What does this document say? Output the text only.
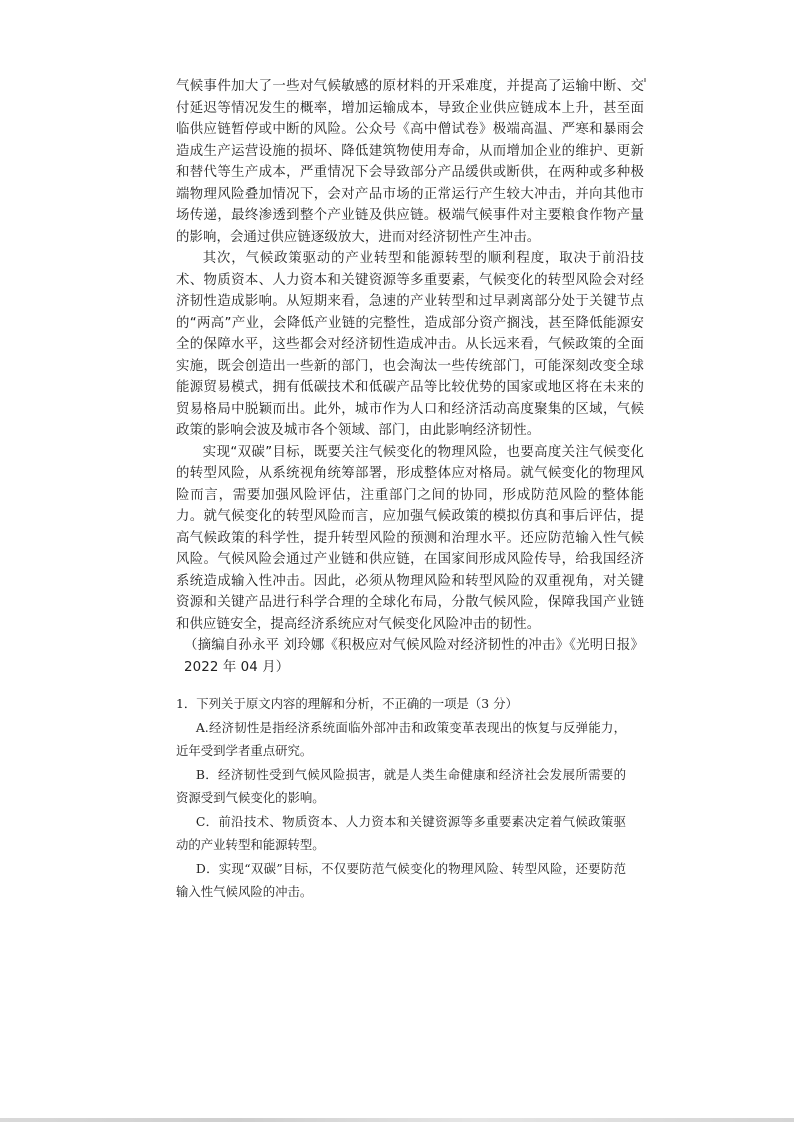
气候事件加大了一些对气候敏感的原材料的开采难度，并提高了运输中断、交付延迟等情况发生的概率，增加运输成本，导致企业供应链成本上升，甚至面临供应链暂停或中断的风险。公众号《高中僧试卷》极端高温、严寒和暴雨会造成生产运营设施的损坏、降低建筑物使用寿命，从而增加企业的维护、更新和替代等生产成本，严重情况下会导致部分产品缓供或断供，在两种或多种极端物理风险叠加情况下，会对产品市场的正常运行产生较大冲击，并向其他市场传递，最终渗透到整个产业链及供应链。极端气候事件对主要粮食作物产量的影响，会通过供应链逐级放大，进而对经济韧性产生冲击。

其次，气候政策驱动的产业转型和能源转型的顺利程度，取决于前沿技术、物质资本、人力资本和关键资源等多重要素，气候变化的转型风险会对经济韧性造成影响。从短期来看，急速的产业转型和过早剥离部分处于关键节点的“两高”产业，会降低产业链的完整性，造成部分资产搁浅，甚至降低能源安全的保障水平，这些都会对经济韧性造成冲击。从长远来看，气候政策的全面实施，既会创造出一些新的部门，也会淘汰一些传统部门，可能深刻改变全球能源贸易模式，拥有低碳技术和低碳产品等比较优势的国家或地区将在未来的贸易格局中脱颖而出。此外，城市作为人口和经济活动高度聚集的区域，气候政策的影响会波及城市各个领域、部门，由此影响经济韧性。

实现“双碳”目标，既要关注气候变化的物理风险，也要高度关注气候变化的转型风险，从系统视角统筹部署，形成整体应对格局。就气候变化的物理风险而言，需要加强风险评估，注重部门之间的协同，形成防范风险的整体能力。就气候变化的转型风险而言，应加强气候政策的模拟仿真和事后评估，提高气候政策的科学性，提升转型风险的预测和治理水平。还应防范输入性气候风险。气候风险会通过产业链和供应链，在国家间形成风险传导，给我国经济系统造成输入性冲击。因此，必须从物理风险和转型风险的双重视角，对关键资源和关键产品进行科学合理的全球化布局，分散气候风险，保障我国产业链和供应链安全，提高经济系统应对气候变化风险冲击的韧性。

（摘编自孙永平 刘玲娜《积极应对气候风险对经济韧性的冲击》《光明日报》2022 年 04 月）

1．下列关于原文内容的理解和分析，不正确的一项是（3 分）

A.经济韧性是指经济系统面临外部冲击和政策变革表现出的恢复与反弹能力，近年受到学者重点研究。

B．经济韧性受到气候风险损害，就是人类生命健康和经济社会发展所需要的资源受到气候变化的影响。

C．前沿技术、物质资本、人力资本和关键资源等多重要素决定着气候政策驱动的产业转型和能源转型。

D．实现“双碳”目标，不仅要防范气候变化的物理风险、转型风险，还要防范输入性气候风险的冲击。
